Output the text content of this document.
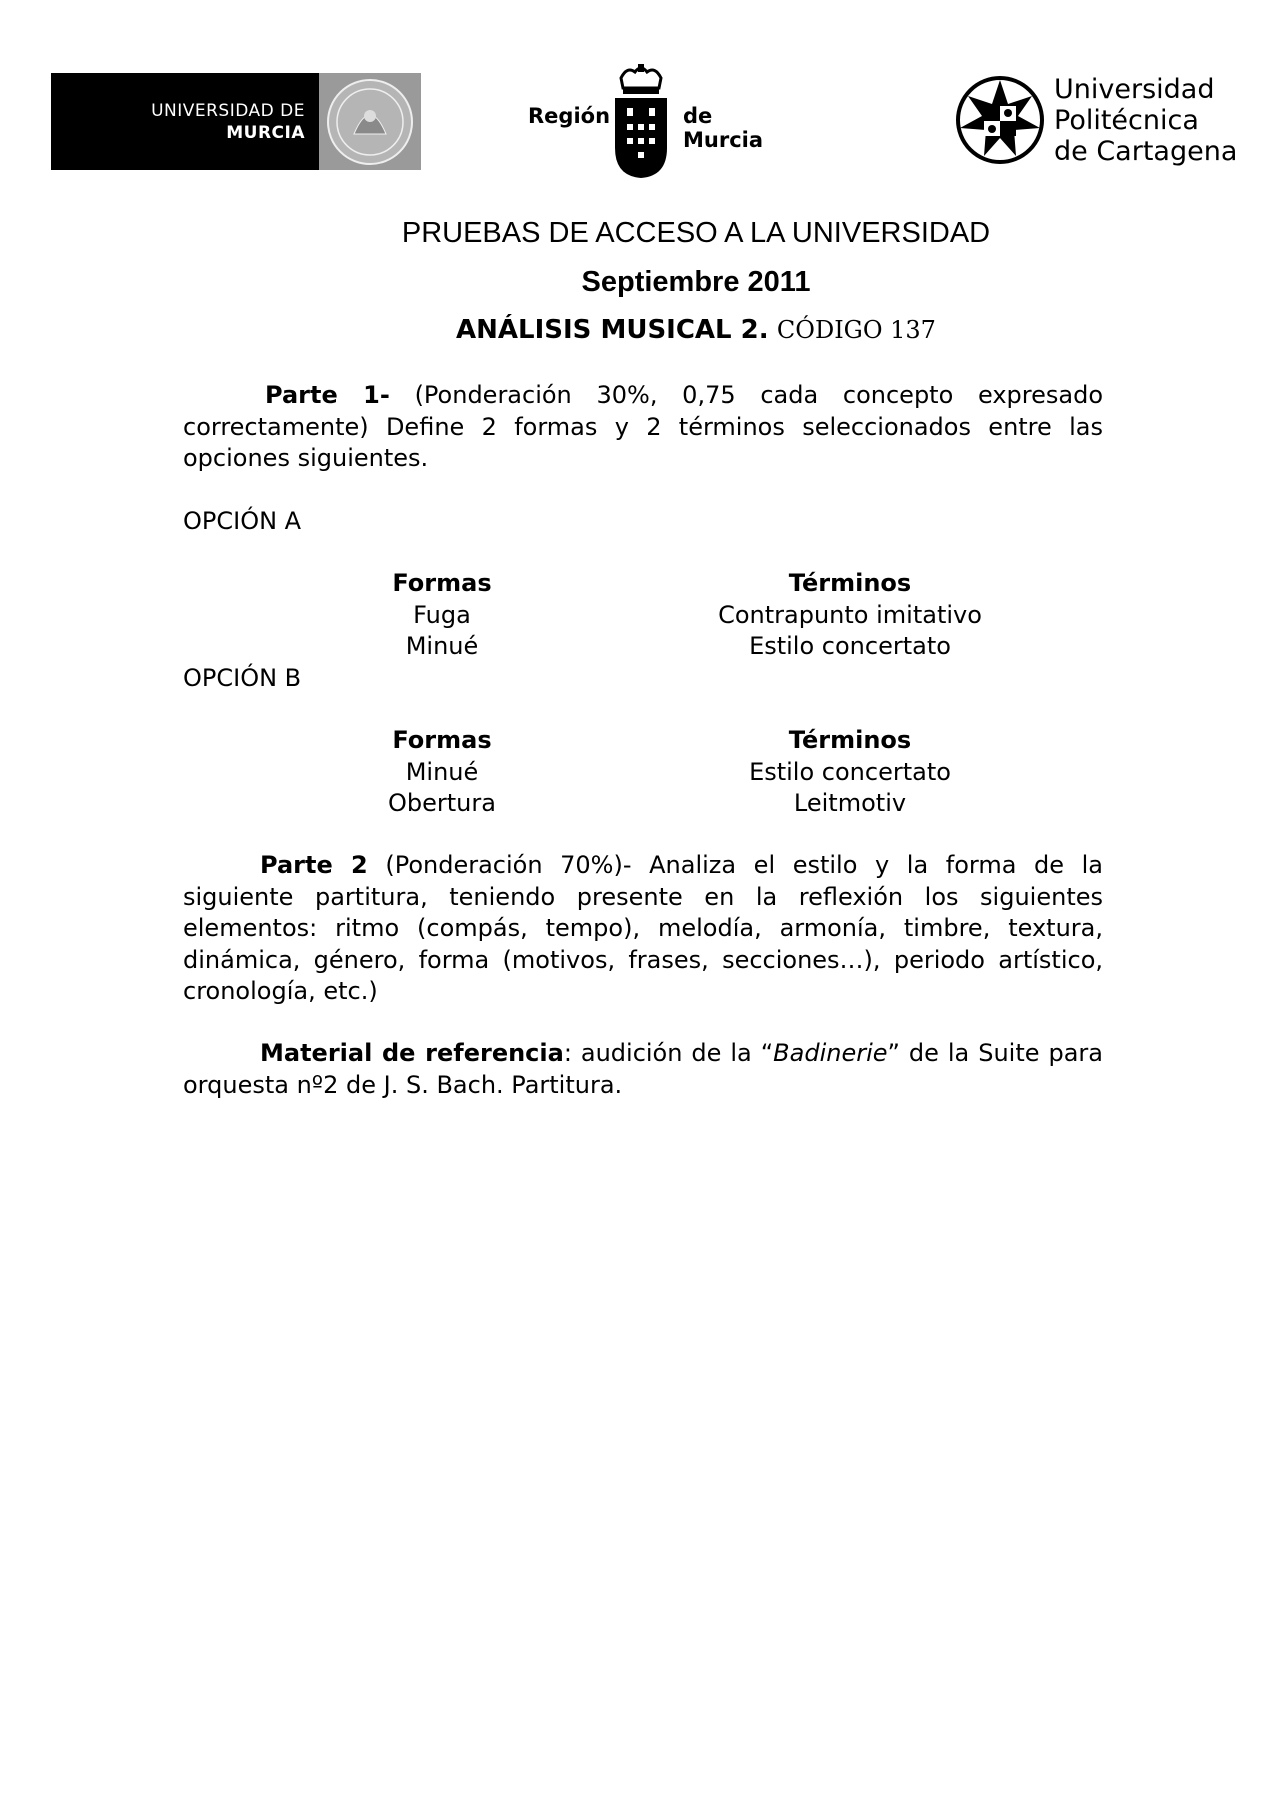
UNIVERSIDAD DE
MURCIA
Región	de Murcia
Universidad
Politécnica
de Cartagena
PRUEBAS DE ACCESO A LA UNIVERSIDAD
Septiembre 2011
ANÁLISIS MUSICAL 2. CÓDIGO 137
Parte 1- (Ponderación 30%, 0,75 cada concepto expresado correctamente) Define 2 formas y 2 términos seleccionados entre las opciones siguientes.
OPCIÓN A
Formas
Fuga
Minué
Términos
Contrapunto imitativo
Estilo concertato
OPCIÓN B
Formas
Minué
Obertura
Términos
Estilo concertato
Leitmotiv
Parte 2 (Ponderación 70%)- Analiza el estilo y la forma de la siguiente partitura, teniendo presente en la reflexión los siguientes elementos: ritmo (compás, tempo), melodía, armonía, timbre, textura, dinámica, género, forma (motivos, frases, secciones…), periodo artístico, cronología, etc.)
Material de referencia: audición de la “Badinerie” de la Suite para orquesta nº2 de J. S. Bach. Partitura.
